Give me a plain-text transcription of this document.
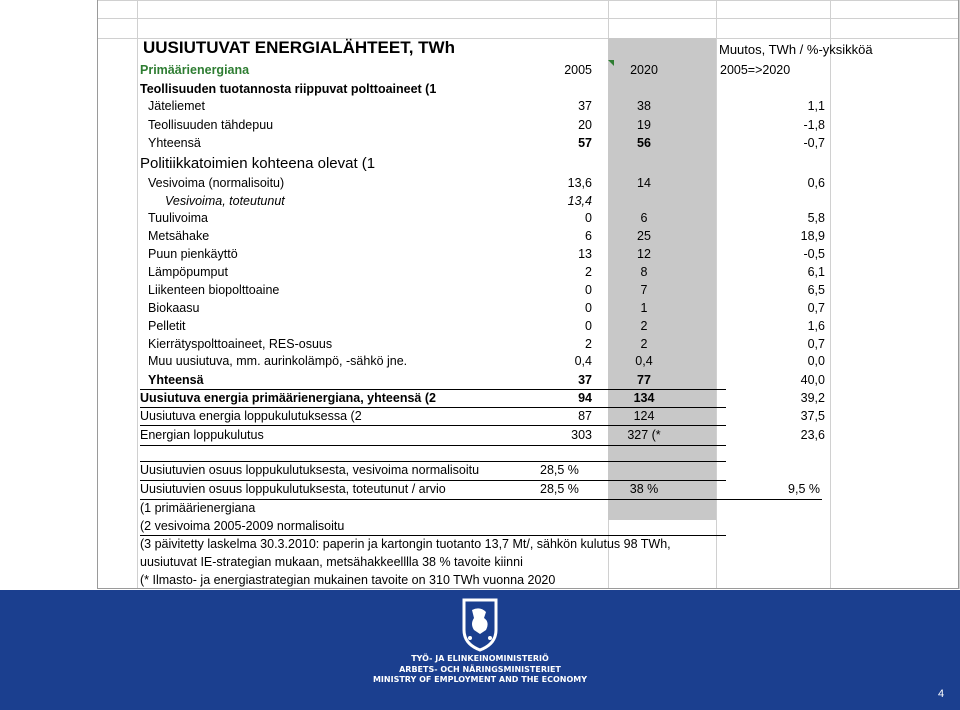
UUSIUTUVAT ENERGIALÄHTEET, TWh	Muutos, TWh / %-yksikköä
Primäärienergiana	2005	2020	2005=>2020
Teollisuuden tuotannosta riippuvat polttoaineet (1
Jäteliemet	37	38	1,1
Teollisuuden tähdepuu	20	19	-1,8
Yhteensä	57	56	-0,7
Politiikkatoimien kohteena olevat (1
Vesivoima (normalisoitu)	13,6	14	0,6
Vesivoima, toteutunut	13,4
Tuulivoima	0	6	5,8
Metsähake	6	25	18,9
Puun pienkäyttö	13	12	-0,5
Lämpöpumput	2	8	6,1
Liikenteen biopolttoaine	0	7	6,5
Biokaasu	0	1	0,7
Pelletit	0	2	1,6
Kierrätyspolttoaineet, RES-osuus	2	2	0,7
Muu uusiutuva, mm. aurinkolämpö, -sähkö jne.	0,4	0,4	0,0
Yhteensä	37	77	40,0
Uusiutuva energia primäärienergiana, yhteensä (2	94	134	39,2
Uusiutuva energia loppukulutuksessa (2	87	124	37,5
Energian loppukulutus	303	327 (*	23,6
Uusiutuvien osuus loppukulutuksesta, vesivoima normalisoitu	28,5 %
Uusiutuvien osuus loppukulutuksesta, toteutunut / arvio	28,5 %	38 %	9,5 %
(1 primäärienergiana
(2 vesivoima 2005-2009 normalisoitu
(3 päivitetty laskelma 30.3.2010: paperin ja kartongin tuotanto 13,7 Mt/, sähkön kulutus 98 TWh,
uusiutuvat IE-strategian mukaan, metsähakkeelllla 38 % tavoite kiinni
(* Ilmasto- ja energiastrategian mukainen tavoite on 310 TWh vuonna 2020
TYÖ- JA ELINKEINOMINISTERIÖ
ARBETS- OCH NÄRINGSMINISTERIET
MINISTRY OF EMPLOYMENT AND THE ECONOMY
4
